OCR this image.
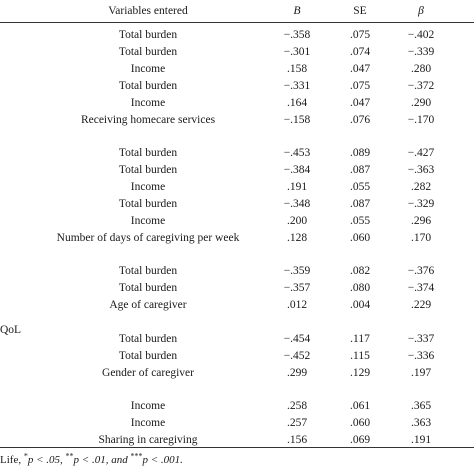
Variables entered	B	SE	β
Total burden	−.358	.075	−.402
Total burden	−.301	.074	−.339
Income	.158	.047	.280
Total burden	−.331	.075	−.372
Income	.164	.047	.290
Receiving homecare services	−.158	.076	−.170
Total burden	−.453	.089	−.427
Total burden	−.384	.087	−.363
Income	.191	.055	.282
Total burden	−.348	.087	−.329
Income	.200	.055	.296
Number of days of caregiving per week	.128	.060	.170
Total burden	−.359	.082	−.376
Total burden	−.357	.080	−.374
Age of caregiver	.012	.004	.229
Total burden	−.454	.117	−.337
Total burden	−.452	.115	−.336
Gender of caregiver	.299	.129	.197
Income	.258	.061	.365
Income	.257	.060	.363
Sharing in caregiving	.156	.069	.191
QoL
Life, *p < .05, **p < .01, and ***p < .001.
